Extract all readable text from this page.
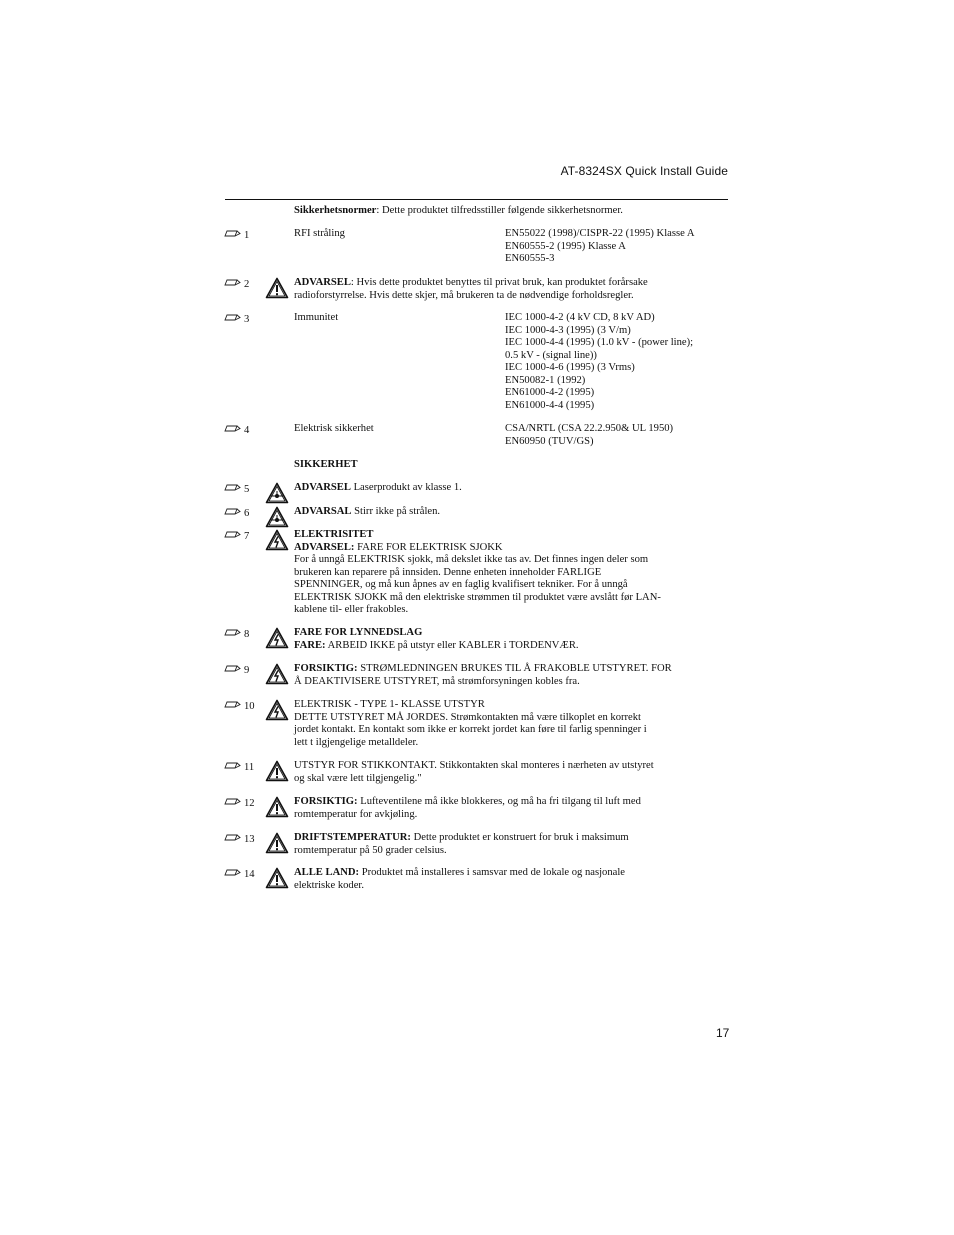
AT-8324SX Quick Install Guide
Sikkerhetsnormer: Dette produktet tilfredsstiller følgende sikkerhetsnormer.
1	RFI stråling	EN55022 (1998)/CISPR-22 (1995) Klasse A
EN60555-2 (1995) Klasse A
EN60555-3
2	ADVARSEL: Hvis dette produktet benyttes til privat bruk, kan produktet forårsake
radioforstyrrelse. Hvis dette skjer, må brukeren ta de nødvendige forholdsregler.
3	Immunitet	IEC 1000-4-2 (4 kV CD, 8 kV AD)
IEC 1000-4-3 (1995) (3 V/m)
IEC 1000-4-4 (1995) (1.0 kV - (power line);
0.5 kV - (signal line))
IEC 1000-4-6 (1995) (3 Vrms)
EN50082-1 (1992)
EN61000-4-2 (1995)
EN61000-4-4 (1995)
4	Elektrisk sikkerhet	CSA/NRTL (CSA 22.2.950& UL 1950)
EN60950 (TUV/GS)
SIKKERHET
5	ADVARSEL Laserprodukt av klasse 1.
6	ADVARSAL Stirr ikke på strålen.
7	ELEKTRISITET
ADVARSEL: FARE FOR ELEKTRISK SJOKK
For å unngå ELEKTRISK sjokk, må dekslet ikke tas av. Det finnes ingen deler som
brukeren kan reparere på innsiden. Denne enheten inneholder FARLIGE
SPENNINGER, og må kun åpnes av en faglig kvalifisert tekniker. For å unngå
ELEKTRISK SJOKK må den elektriske strømmen til produktet være avslått før LAN-
kablene til- eller frakobles.
8	FARE FOR LYNNEDSLAG
FARE: ARBEID IKKE på utstyr eller KABLER i TORDENVÆR.
9	FORSIKTIG: STRØMLEDNINGEN BRUKES TIL Å FRAKOBLE UTSTYRET. FOR
Å DEAKTIVISERE UTSTYRET, må strømforsyningen kobles fra.
10	ELEKTRISK - TYPE 1- KLASSE UTSTYR
DETTE UTSTYRET MÅ JORDES. Strømkontakten må være tilkoplet en korrekt
jordet kontakt. En kontakt som ikke er korrekt jordet kan føre til farlig spenninger i
lett t ilgjengelige metalldeler.
11	UTSTYR FOR STIKKONTAKT. Stikkontakten skal monteres i nærheten av utstyret
og skal være lett tilgjengelig."
12	FORSIKTIG: Lufteventilene må ikke blokkeres, og må ha fri tilgang til luft med
romtemperatur for avkjøling.
13	DRIFTSTEMPERATUR: Dette produktet er konstruert for bruk i maksimum
romtemperatur på 50 grader celsius.
14	ALLE LAND: Produktet må installeres i samsvar med de lokale og nasjonale
elektriske koder.
17
